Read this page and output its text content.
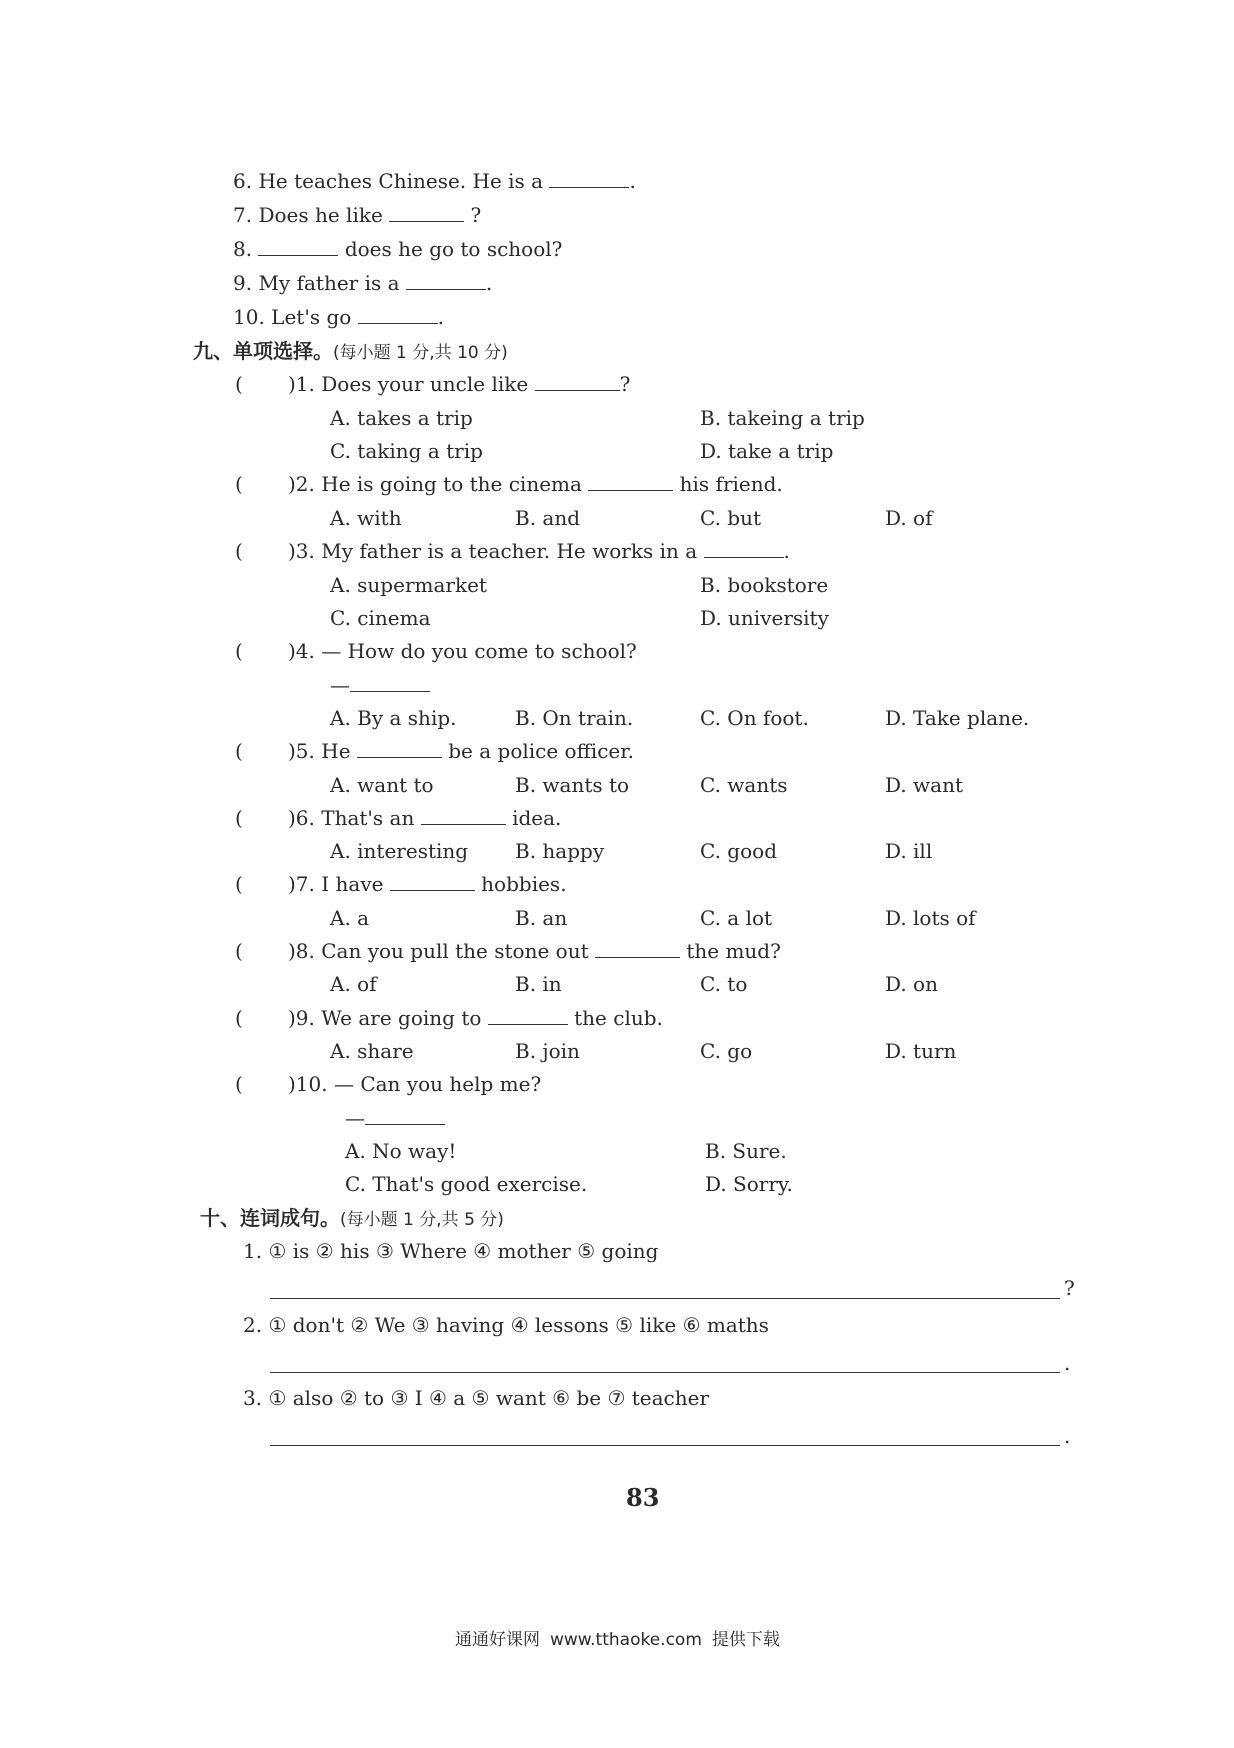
6. He teaches Chinese. He is a	.
7. Does he like	?
8.	does he go to school?
9. My father is a	.
10. Let's go	.
九、单项选择。(每小题 1 分,共 10 分)
( )1. Does your uncle like	?
A. takes a trip	B. takeing a trip
C. taking a trip	D. take a trip
( )2. He is going to the cinema	his friend.
A. with	B. and	C. but	D. of
( )3. My father is a teacher. He works in a	.
A. supermarket	B. bookstore
C. cinema	D. university
( )4. — How do you come to school?
—
A. By a ship.	B. On train.	C. On foot.	D. Take plane.
( )5. He	be a police officer.
A. want to	B. wants to	C. wants	D. want
( )6. That's an	idea.
A. interesting B. happy	C. good	D. ill
( )7. I have	hobbies.
A. a	B. an	C. a lot	D. lots of
( )8. Can you pull the stone out	the mud?
A. of	B. in	C. to	D. on
( )9. We are going to	the club.
A. share	B. join	C. go	D. turn
( )10. — Can you help me?
—
A. No way!	B. Sure.
C. That's good exercise.	D. Sorry.
十、连词成句。(每小题 1 分,共 5 分)
1. ① is ② his ③ Where ④ mother ⑤ going
?
2. ① don't ② We ③ having ④ lessons ⑤ like ⑥ maths
.
3. ① also ② to ③ I ④ a ⑤ want ⑥ be ⑦ teacher
.
83
通通好课网 www.tthaoke.com 提供下载
